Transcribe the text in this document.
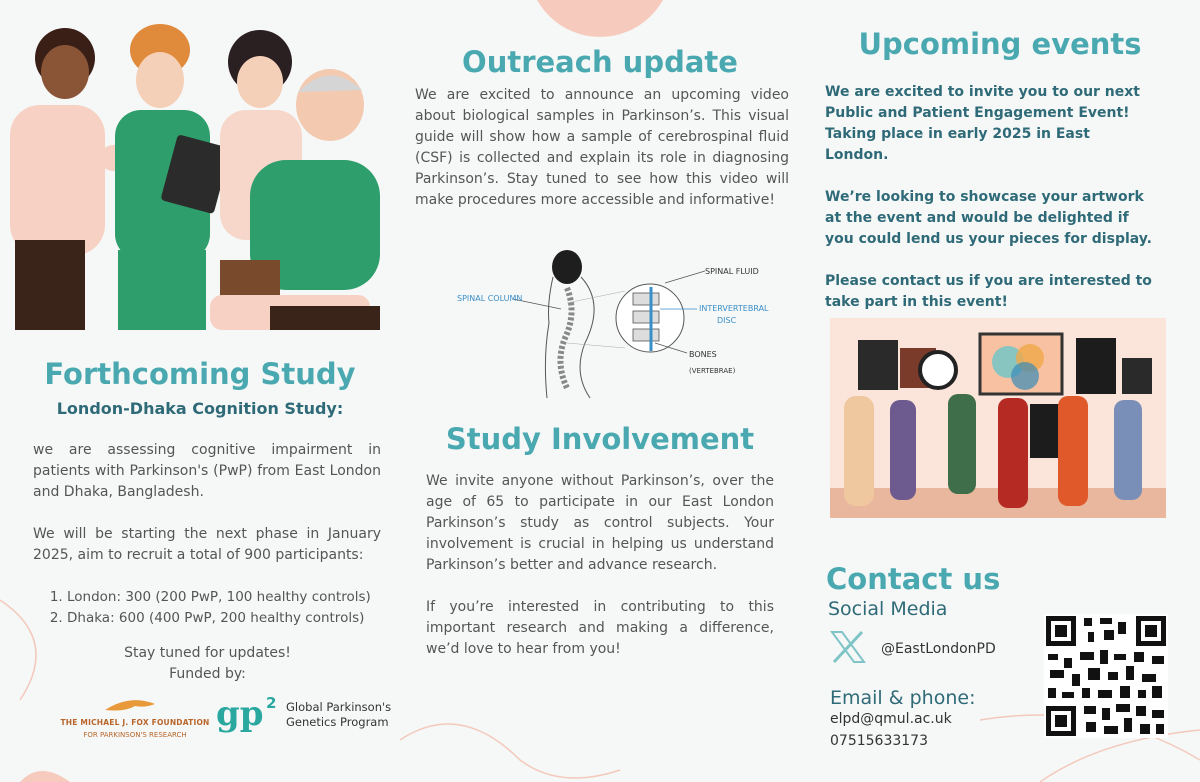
Forthcoming Study
London-Dhaka Cognition Study:

we are assessing cognitive impairment in patients with Parkinson's (PwP) from East London and Dhaka, Bangladesh.

We will be starting the next phase in January 2025, aim to recruit a total of 900 participants:

1. London: 300 (200 PwP, 100 healthy controls)
2. Dhaka: 600 (400 PwP, 200 healthy controls)
Stay tuned for updates!
Funded by:
THE MICHAEL J. FOX FOUNDATION
FOR PARKINSON'S RESEARCH
gp 2 Global Parkinson's
Genetics Program
Outreach update
We are excited to announce an upcoming video about biological samples in Parkinson’s. This visual guide will show how a sample of cerebrospinal fluid (CSF) is collected and explain its role in diagnosing Parkinson’s. Stay tuned to see how this video will make procedures more accessible and informative!
SPINAL COLUMN
SPINAL FLUID
INTERVERTEBRAL
DISC
BONES
(VERTEBRAE)
Study Involvement

We invite anyone without Parkinson’s, over the age of 65 to participate in our East London Parkinson’s study as control subjects. Your involvement is crucial in helping us understand Parkinson’s better and advance research.

If you’re interested in contributing to this important research and making a difference, we’d love to hear from you!

Upcoming events

We are excited to invite you to our next Public and Patient Engagement Event! Taking place in early 2025 in East London.

We’re looking to showcase your artwork at the event and would be delighted if you could lend us your pieces for display.

Please contact us if you are interested to take part in this event!

Contact us
Social Media
@EastLondonPD
Email & phone:
elpd@qmul.ac.uk
07515633173
